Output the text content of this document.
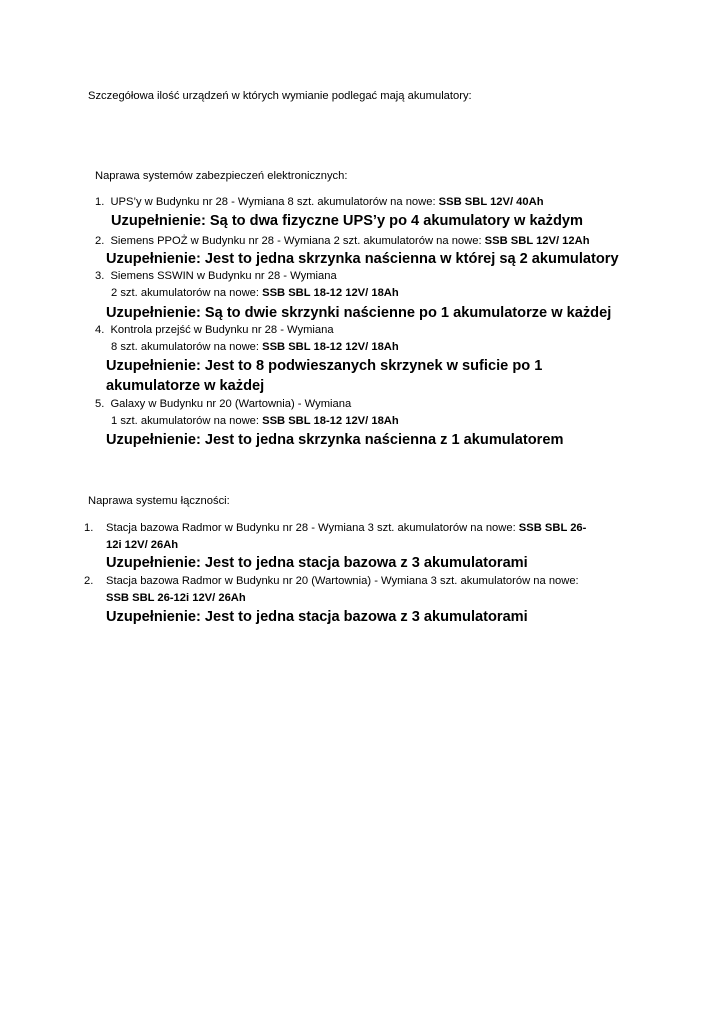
Szczegółowa ilość urządzeń w których wymianie podlegać mają akumulatory:
Naprawa systemów zabezpieczeń elektronicznych:
1. UPS’y w Budynku nr 28 - Wymiana 8 szt. akumulatorów na nowe: SSB SBL 12V/ 40Ah
Uzupełnienie: Są to dwa fizyczne UPS’y po 4 akumulatory w każdym
2. Siemens PPOŻ w Budynku nr 28 - Wymiana 2 szt. akumulatorów na nowe: SSB SBL 12V/ 12Ah
Uzupełnienie: Jest to jedna skrzynka naścienna w której są 2 akumulatory
3. Siemens SSWIN w Budynku nr 28 - Wymiana
2 szt. akumulatorów na nowe: SSB SBL 18-12 12V/ 18Ah
Uzupełnienie: Są to dwie skrzynki naścienne po 1 akumulatorze w każdej
4. Kontrola przejść w Budynku nr 28 - Wymiana
8 szt. akumulatorów na nowe: SSB SBL 18-12 12V/ 18Ah
Uzupełnienie: Jest to 8 podwieszanych skrzynek w suficie po 1
akumulatorze w każdej
5. Galaxy w Budynku nr 20 (Wartownia) - Wymiana
1 szt. akumulatorów na nowe: SSB SBL 18-12 12V/ 18Ah
Uzupełnienie: Jest to jedna skrzynka naścienna z 1 akumulatorem
Naprawa systemu łączności:
1. Stacja bazowa Radmor w Budynku nr 28 - Wymiana 3 szt. akumulatorów na nowe: SSB SBL 26-
12i 12V/ 26Ah
Uzupełnienie: Jest to jedna stacja bazowa z 3 akumulatorami
2. Stacja bazowa Radmor w Budynku nr 20 (Wartownia) - Wymiana 3 szt. akumulatorów na nowe:
SSB SBL 26-12i 12V/ 26Ah
Uzupełnienie: Jest to jedna stacja bazowa z 3 akumulatorami
